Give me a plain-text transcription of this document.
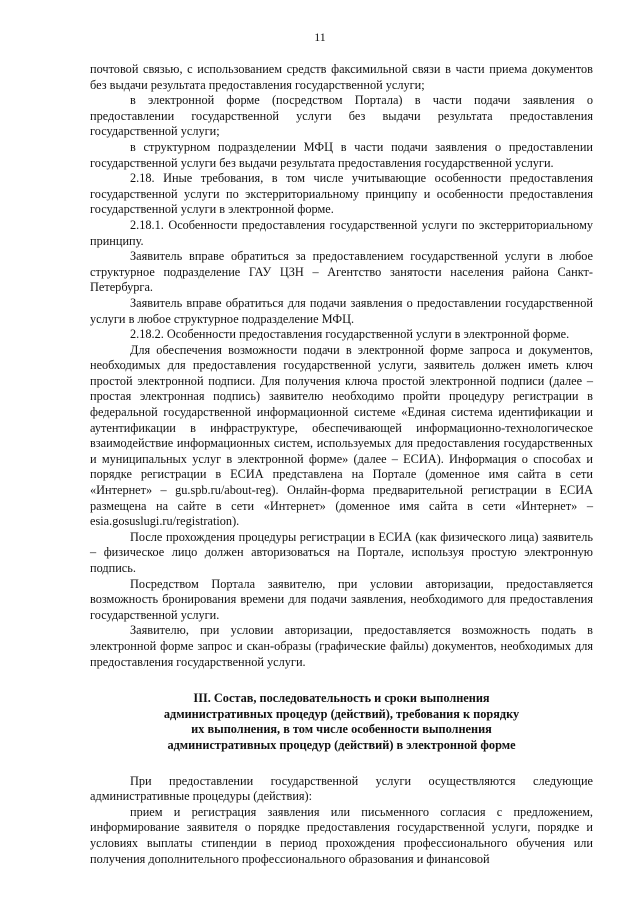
11

почтовой связью, с использованием средств факсимильной связи в части приема документов без выдачи результата предоставления государственной услуги;

в электронной форме (посредством Портала) в части подачи заявления о предоставлении государственной услуги без выдачи результата предоставления государственной услуги;

в структурном подразделении МФЦ в части подачи заявления о предоставлении государственной услуги без выдачи результата предоставления государственной услуги.

2.18. Иные требования, в том числе учитывающие особенности предоставления государственной услуги по экстерриториальному принципу и особенности предоставления государственной услуги в электронной форме.

2.18.1. Особенности предоставления государственной услуги по экстерриториальному принципу.

Заявитель вправе обратиться за предоставлением государственной услуги в любое структурное подразделение ГАУ ЦЗН – Агентство занятости населения района Санкт-Петербурга.

Заявитель вправе обратиться для подачи заявления о предоставлении государственной услуги в любое структурное подразделение МФЦ.

2.18.2. Особенности предоставления государственной услуги в электронной форме.

Для обеспечения возможности подачи в электронной форме запроса и документов, необходимых для предоставления государственной услуги, заявитель должен иметь ключ простой электронной подписи. Для получения ключа простой электронной подписи (далее – простая электронная подпись) заявителю необходимо пройти процедуру регистрации в федеральной государственной информационной системе «Единая система идентификации и аутентификации в инфраструктуре, обеспечивающей информационно-технологическое взаимодействие информационных систем, используемых для предоставления государственных и муниципальных услуг в электронной форме» (далее – ЕСИА). Информация о способах и порядке регистрации в ЕСИА представлена на Портале (доменное имя сайта в сети «Интернет» – gu.spb.ru/about-reg). Онлайн-форма предварительной регистрации в ЕСИА размещена на сайте в сети «Интернет» (доменное имя сайта в сети «Интернет» – esia.gosuslugi.ru/registration).

После прохождения процедуры регистрации в ЕСИА (как физического лица) заявитель – физическое лицо должен авторизоваться на Портале, используя простую электронную подпись.

Посредством Портала заявителю, при условии авторизации, предоставляется возможность бронирования времени для подачи заявления, необходимого для предоставления государственной услуги.

Заявителю, при условии авторизации, предоставляется возможность подать в электронной форме запрос и скан-образы (графические файлы) документов, необходимых для предоставления государственной услуги.

III. Состав, последовательность и сроки выполнения
административных процедур (действий), требования к порядку
их выполнения, в том числе особенности выполнения
административных процедур (действий) в электронной форме

При предоставлении государственной услуги осуществляются следующие административные процедуры (действия):

прием и регистрация заявления или письменного согласия с предложением, информирование заявителя о порядке предоставления государственной услуги, порядке и условиях выплаты стипендии в период прохождения профессионального обучения или получения дополнительного профессионального образования и финансовой
